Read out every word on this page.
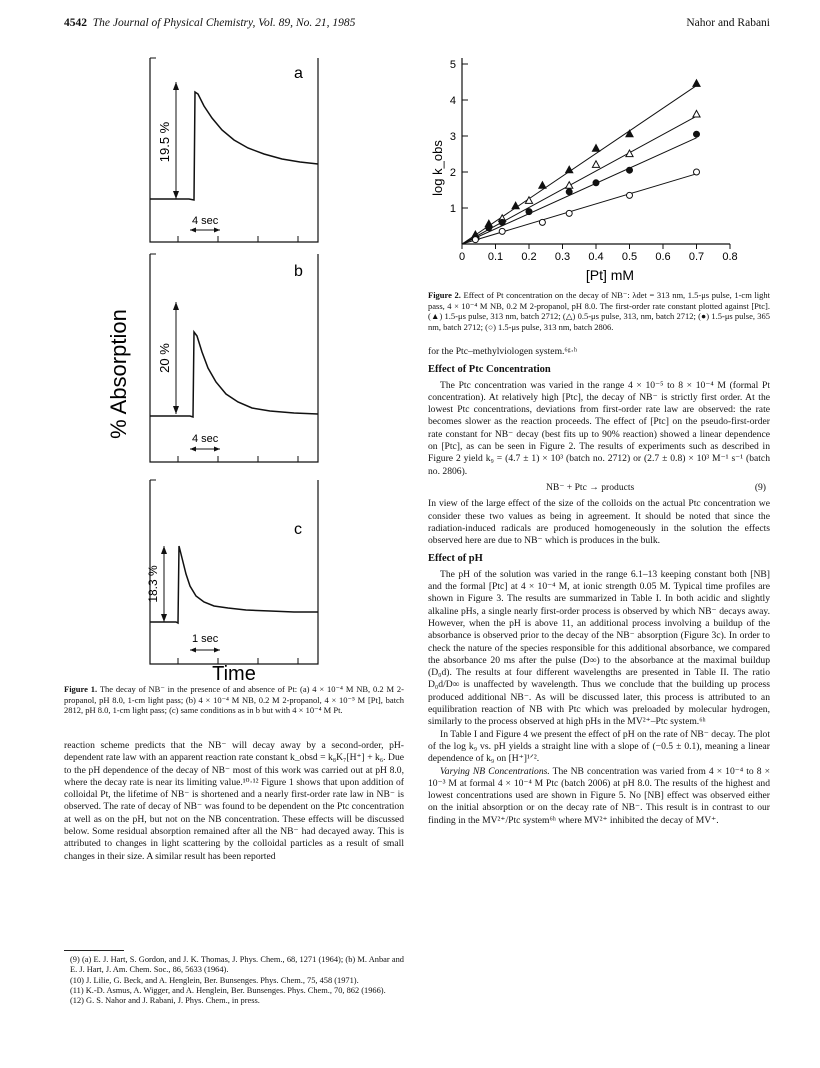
4542 The Journal of Physical Chemistry, Vol. 89, No. 21, 1985	Nahor and Rabani
% Absorption
a
19.5 %
4 sec
b
20 %
4 sec
c
18.3 %
1 sec
Time
Figure 1. The decay of NB⁻ in the presence of and absence of Pt: (a) 4 × 10⁻⁴ M NB, 0.2 M 2-propanol, pH 8.0, 1-cm light pass; (b) 4 × 10⁻⁴ M NB, 0.2 M 2-propanol, 4 × 10⁻⁵ M [Pt], batch 2812, pH 8.0, 1-cm light pass; (c) same conditions as in b but with 4 × 10⁻⁴ M Pt.

reaction scheme predicts that the NB⁻ will decay away by a second-order, pH-dependent rate law with an apparent reaction rate constant k_obsd = k₈K₇[H⁺] + k₆. Due to the pH dependence of the decay of NB⁻ most of this work was carried out at pH 8.0, where the decay rate is near its limiting value.¹⁰·¹² Figure 1 shows that upon addition of colloidal Pt, the lifetime of NB⁻ is shortened and a nearly first-order rate law in NB⁻ is observed. The rate of decay of NB⁻ was found to be dependent on the Ptc concentration at well as on the pH, but not on the NB concentration. These effects will be discussed below. Some residual absorption remained after all the NB⁻ had decayed away. This is attributed to changes in light scattering by the colloidal particles as a result of small changes in their size. A similar result has been reported

(9) (a) E. J. Hart, S. Gordon, and J. K. Thomas, J. Phys. Chem., 68, 1271 (1964); (b) M. Anbar and E. J. Hart, J. Am. Chem. Soc., 86, 5633 (1964).

(10) J. Lilie, G. Beck, and A. Henglein, Ber. Bunsenges. Phys. Chem., 75, 458 (1971).

(11) K.-D. Asmus, A. Wigger, and A. Henglein, Ber. Bunsenges. Phys. Chem., 70, 862 (1966).

(12) G. S. Nahor and J. Rabani, J. Phys. Chem., in press.

0 0.1 0.2 0.3 0.4 0.5 0.6 0.7 0.8
1
2
3
4
5
log k_obs
[Pt] mM
Figure 2. Effect of Pt concentration on the decay of NB⁻: λdet = 313 nm, 1.5-μs pulse, 1-cm light pass, 4 × 10⁻⁴ M NB, 0.2 M 2-propanol, pH 8.0. The first-order rate constant plotted against [Ptc]. (▲) 1.5-μs pulse, 313 nm, batch 2712; (△) 0.5-μs pulse, 313, nm, batch 2712; (●) 1.5-μs pulse, 365 nm, batch 2712; (○) 1.5-μs pulse, 313 nm, batch 2806.

for the Ptc–methylviologen system.⁶ᵍ·ʰ

Effect of Ptc Concentration

The Ptc concentration was varied in the range 4 × 10⁻⁵ to 8 × 10⁻⁴ M (formal Pt concentration). At relatively high [Ptc], the decay of NB⁻ is strictly first order. At the lowest Ptc concentrations, deviations from first-order rate law are observed: the rate becomes slower as the reaction proceeds. The effect of [Ptc] on the pseudo-first-order rate constant for NB⁻ decay (best fits up to 90% reaction) showed a linear dependence on [Ptc], as can be seen in Figure 2. The results of experiments such as described in Figure 2 yield k₉ = (4.7 ± 1) × 10³ (batch no. 2712) or (2.7 ± 0.8) × 10³ M⁻¹ s⁻¹ (batch no. 2806).

NB⁻ + Ptc → products	(9)

In view of the large effect of the size of the colloids on the actual Ptc concentration we consider these two values as being in agreement. It should be noted that since the radiation-induced radicals are produced homogeneously in the solution the effects observed here are due to NB⁻ which is produces in the bulk.

Effect of pH

The pH of the solution was varied in the range 6.1–13 keeping constant both [NB] and the formal [Ptc] at 4 × 10⁻⁴ M, at ionic strength 0.05 M. Typical time profiles are shown in Figure 3. The results are summarized in Table I. In both acidic and slightly alkaline pHs, a single nearly first-order process is observed by which NB⁻ decays away. However, when the pH is above 11, an additional process involving a buildup of the absorbance is observed prior to the decay of the NB⁻ absorption (Figure 3c). In order to check the nature of the species responsible for this additional absorbance, we compared the absorbance 20 ms after the pulse (D∞) to the absorbance at the maximal buildup (D₀d). The results at four different wavelengths are presented in Table II. The ratio D₀d/D∞ is unaffected by wavelength. Thus we conclude that the building up process produced additional NB⁻. As will be discussed later, this process is attributed to an equilibration reaction of NB with Ptc which was preloaded by molecular hydrogen, similarly to the process observed at high pHs in the MV²⁺–Ptc system.⁶ʰ

In Table I and Figure 4 we present the effect of pH on the rate of NB⁻ decay. The plot of the log k₉ vs. pH yields a straight line with a slope of (−0.5 ± 0.1), meaning a linear dependence of k₉ on [H⁺]¹ᐟ².

Varying NB Concentrations. The NB concentration was varied from 4 × 10⁻⁴ to 8 × 10⁻³ M at formal 4 × 10⁻⁴ M Ptc (batch 2006) at pH 8.0. The results of the highest and lowest concentrations used are shown in Figure 5. No [NB] effect was observed either on the initial absorption or on the decay rate of NB⁻. This result is in contrast to our finding in the MV²⁺/Ptc system⁶ʰ where MV²⁺ inhibited the decay of MV⁺.
